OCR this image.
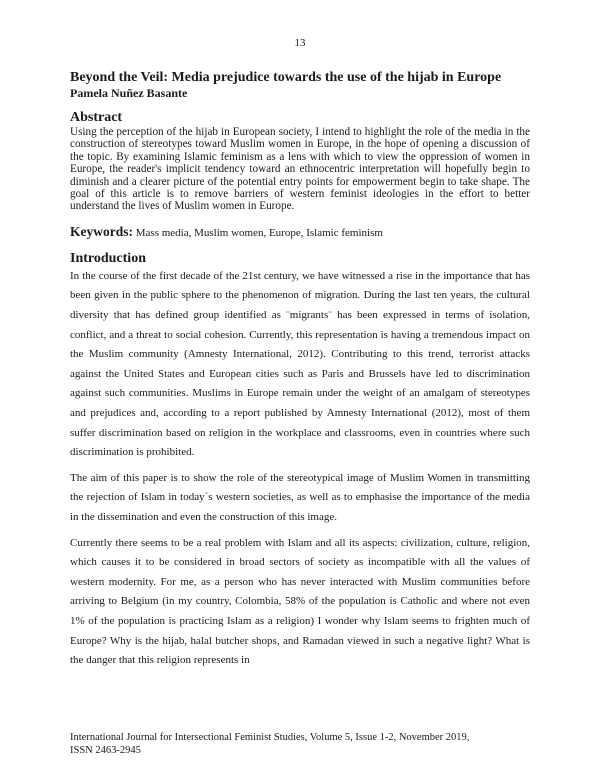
13

Beyond the Veil: Media prejudice towards the use of the hijab in Europe

Pamela Nuñez Basante

Abstract

Using the perception of the hijab in European society, I intend to highlight the role of the media in the construction of stereotypes toward Muslim women in Europe, in the hope of opening a discussion of the topic. By examining Islamic feminism as a lens with which to view the oppression of women in Europe, the reader's implicit tendency toward an ethnocentric interpretation will hopefully begin to diminish and a clearer picture of the potential entry points for empowerment begin to take shape. The goal of this article is to remove barriers of western feminist ideologies in the effort to better understand the lives of Muslim women in Europe.

Keywords: Mass media, Muslim women, Europe, Islamic feminism
Introduction

In the course of the first decade of the 21st century, we have witnessed a rise in the importance that has been given in the public sphere to the phenomenon of migration. During the last ten years, the cultural diversity that has defined group identified as ¨migrants¨ has been expressed in terms of isolation, conflict, and a threat to social cohesion. Currently, this representation is having a tremendous impact on the Muslim community (Amnesty International, 2012). Contributing to this trend, terrorist attacks against the United States and European cities such as Paris and Brussels have led to discrimination against such communities. Muslims in Europe remain under the weight of an amalgam of stereotypes and prejudices and, according to a report published by Amnesty International (2012), most of them suffer discrimination based on religion in the workplace and classrooms, even in countries where such discrimination is prohibited.

The aim of this paper is to show the role of the stereotypical image of Muslim Women in transmitting the rejection of Islam in today´s western societies, as well as to emphasise the importance of the media in the dissemination and even the construction of this image.

Currently there seems to be a real problem with Islam and all its aspects: civilization, culture, religion, which causes it to be considered in broad sectors of society as incompatible with all the values of western modernity. For me, as a person who has never interacted with Muslim communities before arriving to Belgium (in my country, Colombia, 58% of the population is Catholic and where not even 1% of the population is practicing Islam as a religion) I wonder why Islam seems to frighten much of Europe? Why is the hijab, halal butcher shops, and Ramadan viewed in such a negative light? What is the danger that this religion represents in

International Journal for Intersectional Feminist Studies, Volume 5, Issue 1-2, November 2019,
ISSN 2463-2945
